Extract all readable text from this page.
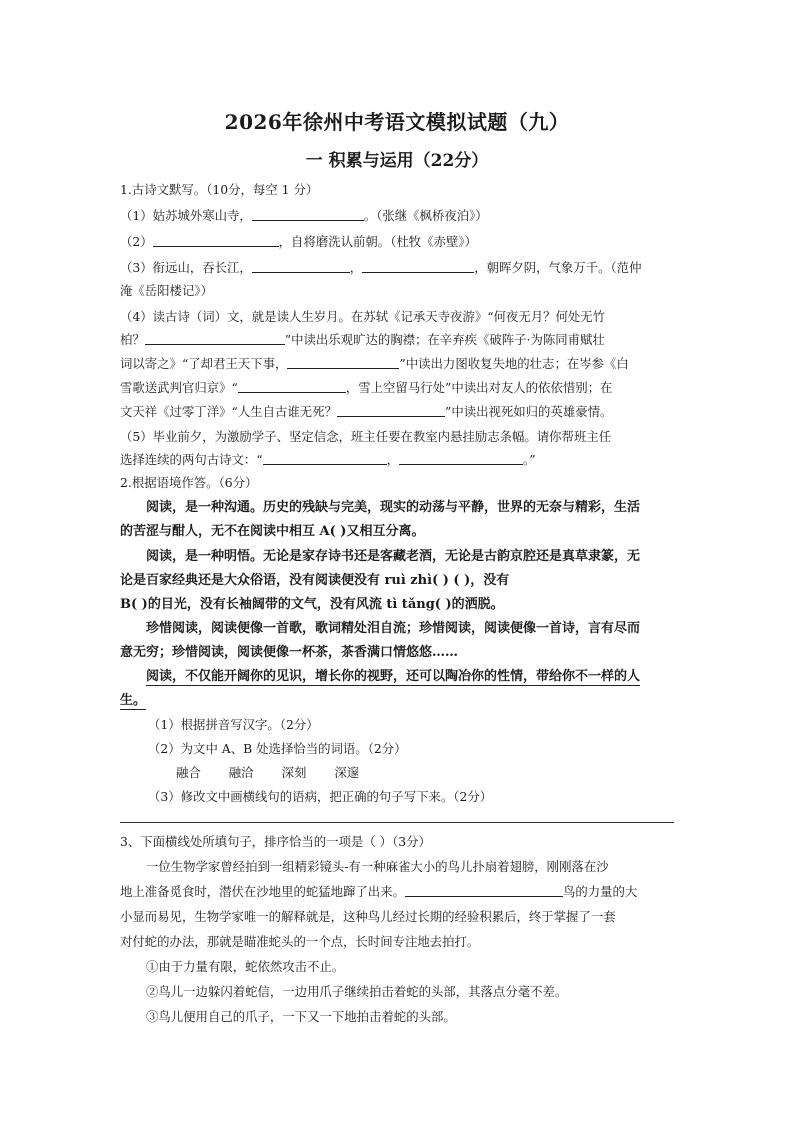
2026年徐州中考语文模拟试题（九）
一 积累与运用（22分）
1.古诗文默写。（10分，每空 1 分）
（1）姑苏城外寒山寺，	。（张继《枫桥夜泊》）
（2）	，自将磨洗认前朝。（杜牧《赤壁》）
（3）衔远山，吞长江，	，	，朝晖夕阴，气象万千。（范仲
淹《岳阳楼记》）
（4）读古诗（词）文，就是读人生岁月。在苏轼《记承天寺夜游》“何夜无月？何处无竹
柏？	”中读出乐观旷达的胸襟；在辛弃疾《破阵子·为陈同甫赋壮
词以寄之》“了却君王天下事，	”中读出力图收复失地的壮志；在岑参《白
雪歌送武判官归京》“	，雪上空留马行处”中读出对友人的依依惜别；在
文天祥《过零丁洋》“人生自古谁无死？	”中读出视死如归的英雄豪情。
（5）毕业前夕，为激励学子、坚定信念，班主任要在教室内悬挂励志条幅。请你帮班主任
选择连续的两句古诗文：“	，	。”
2.根据语境作答。（6分）
阅读，是一种沟通。历史的残缺与完美，现实的动荡与平静，世界的无奈与精彩，生活
的苦涩与酣人，无不在阅读中相互 A( )又相互分离。
阅读，是一种明悟。无论是家存诗书还是客藏老酒，无论是古韵京腔还是真草隶篆，无
论是百家经典还是大众俗语，没有阅读便没有 ruì zhì( ) ( )，没有
B( )的目光，没有长袖阔带的文气，没有风流 tì tǎng( )的洒脱。
珍惜阅读，阅读便像一首歌，歌词精处泪自流；珍惜阅读，阅读便像一首诗，言有尽而
意无穷；珍惜阅读，阅读便像一杯茶，茶香满口情悠悠……
阅读，不仅能开阔你的见识，增长你的视野，还可以陶冶你的性情，带给你不一样的人
生。
（1）根据拼音写汉字。（2分）
（2）为文中 A、B 处选择恰当的词语。（2分）
融合 融洽 深刻 深邃
（3）修改文中画横线句的语病，把正确的句子写下来。（2分）
3、下面横线处所填句子，排序恰当的一项是（ ）（3分）
一位生物学家曾经拍到一组精彩镜头-有一种麻雀大小的鸟儿扑扇着翅膀，刚刚落在沙
地上准备觅食时，潜伏在沙地里的蛇猛地蹿了出来。	鸟的力量的大
小显而易见，生物学家唯一的解释就是，这种鸟儿经过长期的经验积累后，终于掌握了一套
对付蛇的办法，那就是瞄准蛇头的一个点，长时间专注地去拍打。
①由于力量有限，蛇依然攻击不止。
②鸟儿一边躲闪着蛇信，一边用爪子继续拍击着蛇的头部，其落点分毫不差。
③鸟儿便用自己的爪子，一下又一下地拍击着蛇的头部。
